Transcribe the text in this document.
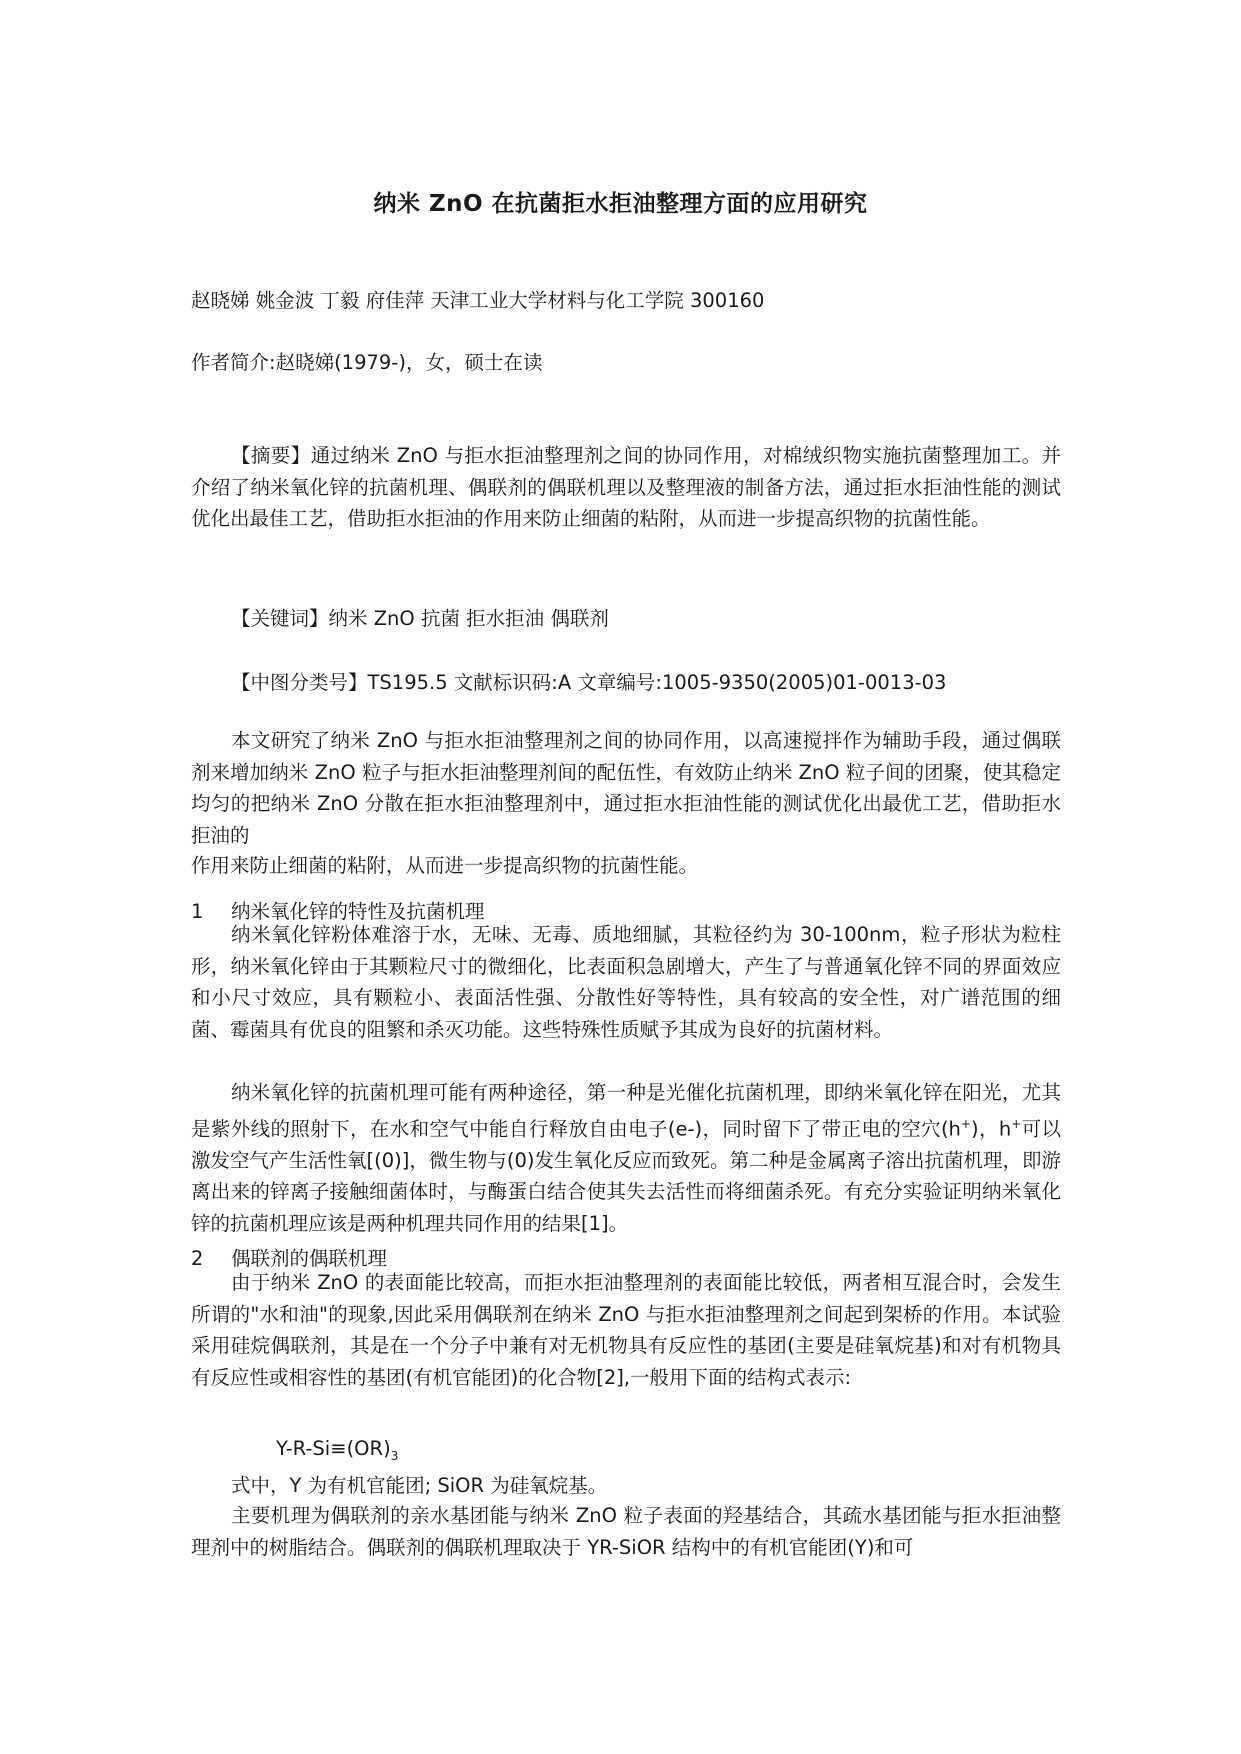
纳米 ZnO 在抗菌拒水拒油整理方面的应用研究
赵晓娣 姚金波 丁毅 府佳萍 天津工业大学材料与化工学院 300160
作者简介:赵晓娣(1979-)，女，硕士在读

【摘要】通过纳米 ZnO 与拒水拒油整理剂之间的协同作用，对棉绒织物实施抗菌整理加工。并介绍了纳米氧化锌的抗菌机理、偶联剂的偶联机理以及整理液的制备方法，通过拒水拒油性能的测试优化出最佳工艺，借助拒水拒油的作用来防止细菌的粘附，从而进一步提高织物的抗菌性能。

【关键词】纳米 ZnO 抗菌 拒水拒油 偶联剂
【中图分类号】TS195.5 文献标识码:A 文章编号:1005-9350(2005)01-0013-03

本文研究了纳米 ZnO 与拒水拒油整理剂之间的协同作用，以高速搅拌作为辅助手段，通过偶联剂来增加纳米 ZnO 粒子与拒水拒油整理剂间的配伍性，有效防止纳米 ZnO 粒子间的团聚，使其稳定均匀的把纳米 ZnO 分散在拒水拒油整理剂中，通过拒水拒油性能的测试优化出最优工艺，借助拒水拒油的

作用来防止细菌的粘附，从而进一步提高织物的抗菌性能。

1 纳米氧化锌的特性及抗菌机理

纳米氧化锌粉体难溶于水，无味、无毒、质地细腻，其粒径约为 30-100nm，粒子形状为粒柱形，纳米氧化锌由于其颗粒尺寸的微细化，比表面积急剧增大，产生了与普通氧化锌不同的界面效应和小尺寸效应，具有颗粒小、表面活性强、分散性好等特性，具有较高的安全性，对广谱范围的细菌、霉菌具有优良的阻繁和杀灭功能。这些特殊性质赋予其成为良好的抗菌材料。

纳米氧化锌的抗菌机理可能有两种途径，第一种是光催化抗菌机理，即纳米氧化锌在阳光，尤其是紫外线的照射下，在水和空气中能自行释放自由电子(e-)，同时留下了带正电的空穴(h+)，h+可以激发空气产生活性氧[(0)]，微生物与(0)发生氧化反应而致死。第二种是金属离子溶出抗菌机理，即游离出来的锌离子接触细菌体时，与酶蛋白结合使其失去活性而将细菌杀死。有充分实验证明纳米氧化锌的抗菌机理应该是两种机理共同作用的结果[1]。

2 偶联剂的偶联机理

由于纳米 ZnO 的表面能比较高，而拒水拒油整理剂的表面能比较低，两者相互混合时，会发生所谓的"水和油"的现象,因此采用偶联剂在纳米 ZnO 与拒水拒油整理剂之间起到架桥的作用。本试验采用硅烷偶联剂，其是在一个分子中兼有对无机物具有反应性的基团(主要是硅氧烷基)和对有机物具有反应性或相容性的基团(有机官能团)的化合物[2],一般用下面的结构式表示:

$Y-R-Si\equiv(OR)_3$
式中，Y 为有机官能团; SiOR 为硅氧烷基。

主要机理为偶联剂的亲水基团能与纳米 ZnO 粒子表面的羟基结合，其疏水基团能与拒水拒油整理剂中的树脂结合。偶联剂的偶联机理取决于 YR-SiOR 结构中的有机官能团(Y)和可
